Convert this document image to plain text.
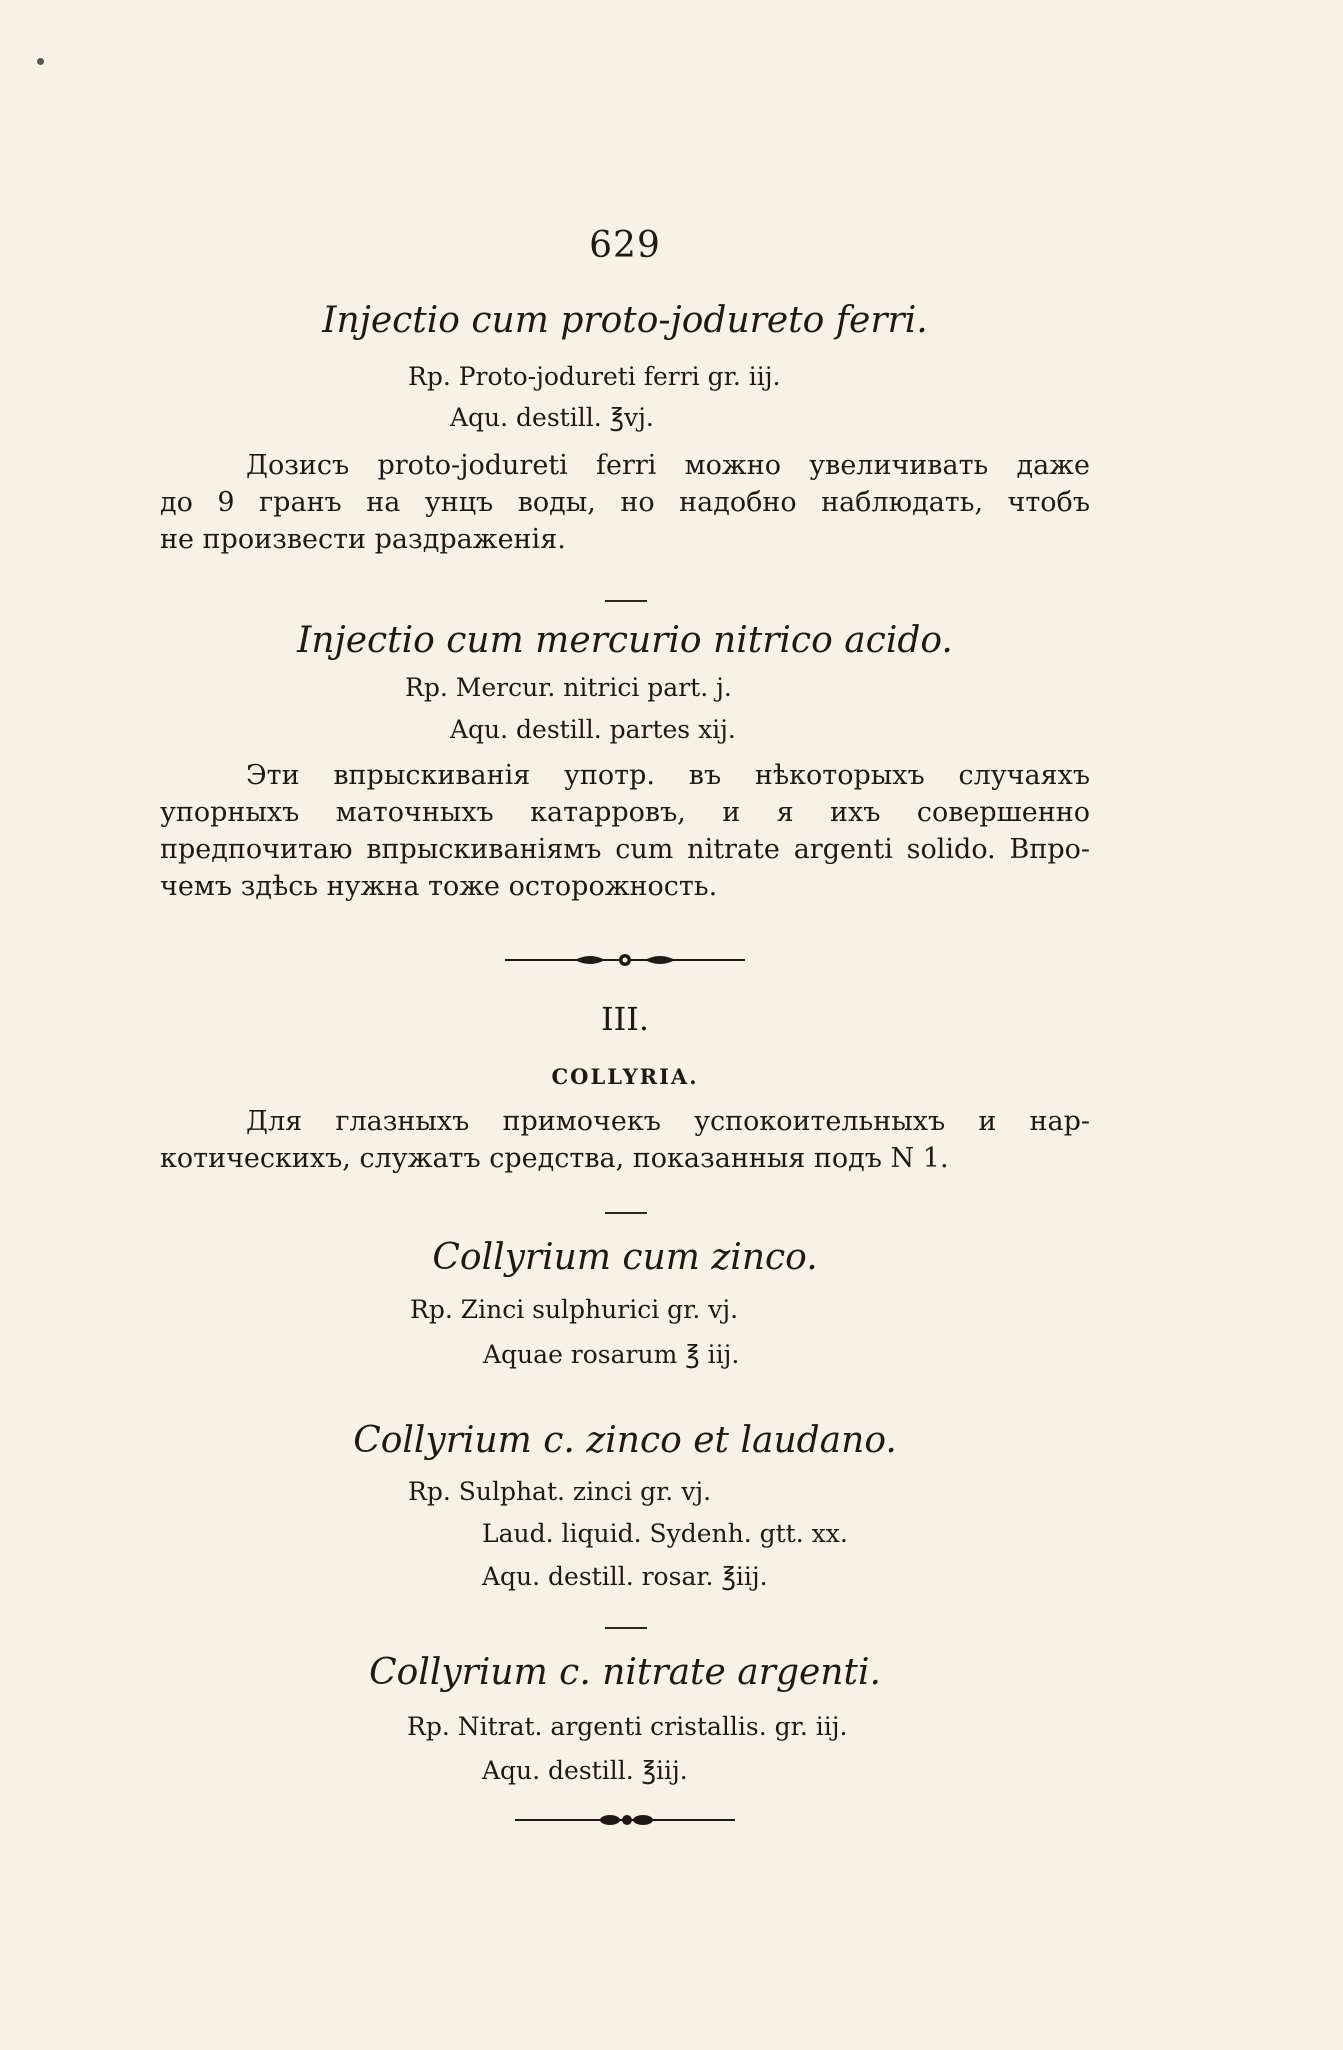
629
Injectio cum proto-jodureto ferri.
Rp. Proto-jodureti ferri gr. iij.
Aqu. destill. ℥vj.
Дозисъ proto-jodureti ferri можно увеличивать даже
до 9 гранъ на унцъ воды, но надобно наблюдать, чтобъ
не произвести раздраженія.
Injectio cum mercurio nitrico acido.
Rp. Mercur. nitrici part. j.
Aqu. destill. partes xij.
Эти впрыскиванія употр. въ нѣкоторыхъ случаяхъ
упорныхъ маточныхъ катарровъ, и я ихъ совершенно
предпочитаю впрыскиваніямъ cum nitrate argenti solido. Впро-
чемъ здѣсь нужна тоже осторожность.
III.
COLLYRIA.
Для глазныхъ примочекъ успокоительныхъ и нар-
котическихъ, служатъ средства, показанныя подъ N 1.
Collyrium cum zinco.
Rp. Zinci sulphurici gr. vj.
Aquae rosarum ℥ iij.
Collyrium c. zinco et laudano.
Rp. Sulphat. zinci gr. vj.
Laud. liquid. Sydenh. gtt. xx.
Aqu. destill. rosar. ℥iij.
Collyrium c. nitrate argenti.
Rp. Nitrat. argenti cristallis. gr. iij.
Aqu. destill. ℥iij.
